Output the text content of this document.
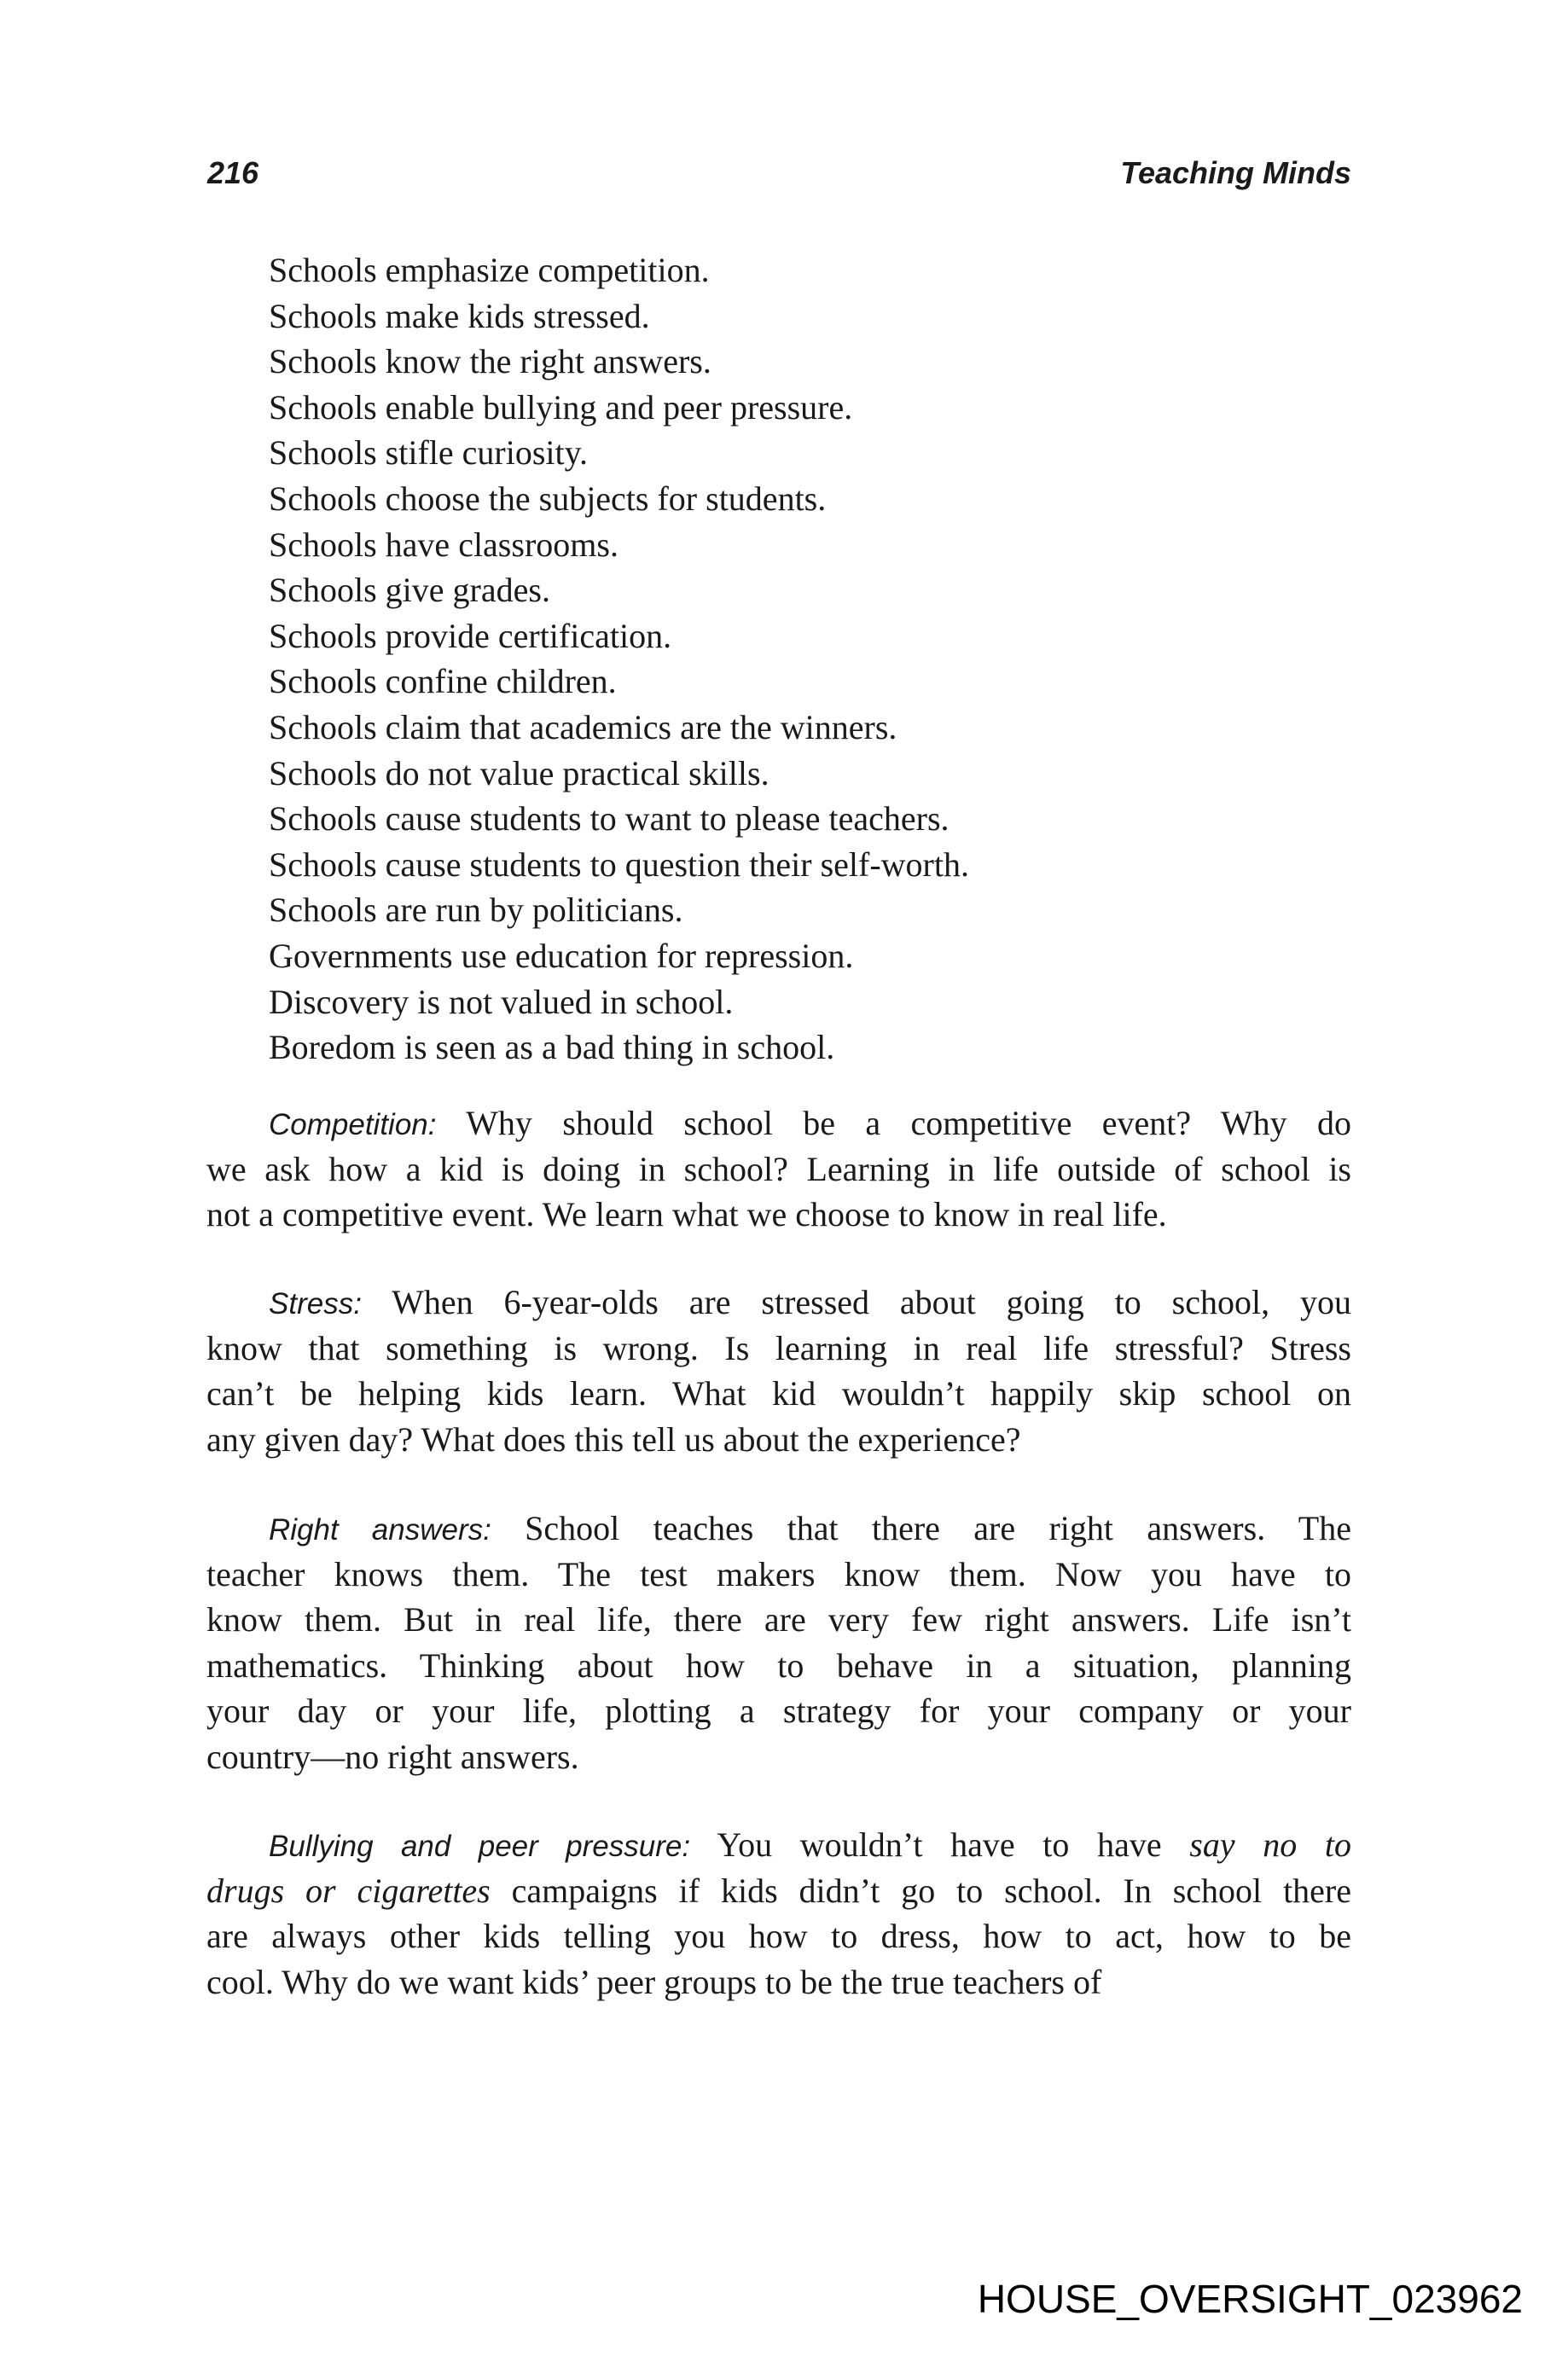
216	Teaching Minds
Schools emphasize competition.
Schools make kids stressed.
Schools know the right answers.
Schools enable bullying and peer pressure.
Schools stifle curiosity.
Schools choose the subjects for students.
Schools have classrooms.
Schools give grades.
Schools provide certification.
Schools confine children.
Schools claim that academics are the winners.
Schools do not value practical skills.
Schools cause students to want to please teachers.
Schools cause students to question their self-worth.
Schools are run by politicians.
Governments use education for repression.
Discovery is not valued in school.
Boredom is seen as a bad thing in school.
Competition: Why should school be a competitive event? Why do
we ask how a kid is doing in school? Learning in life outside of school is
not a competitive event. We learn what we choose to know in real life.
Stress: When 6-year-olds are stressed about going to school, you
know that something is wrong. Is learning in real life stressful? Stress
can’t be helping kids learn. What kid wouldn’t happily skip school on
any given day? What does this tell us about the experience?
Right answers: School teaches that there are right answers. The
teacher knows them. The test makers know them. Now you have to
know them. But in real life, there are very few right answers. Life isn’t
mathematics. Thinking about how to behave in a situation, planning
your day or your life, plotting a strategy for your company or your
country—no right answers.
Bullying and peer pressure: You wouldn’t have to have say no to
drugs or cigarettes campaigns if kids didn’t go to school. In school there
are always other kids telling you how to dress, how to act, how to be
cool. Why do we want kids’ peer groups to be the true teachers of
HOUSE_OVERSIGHT_023962
